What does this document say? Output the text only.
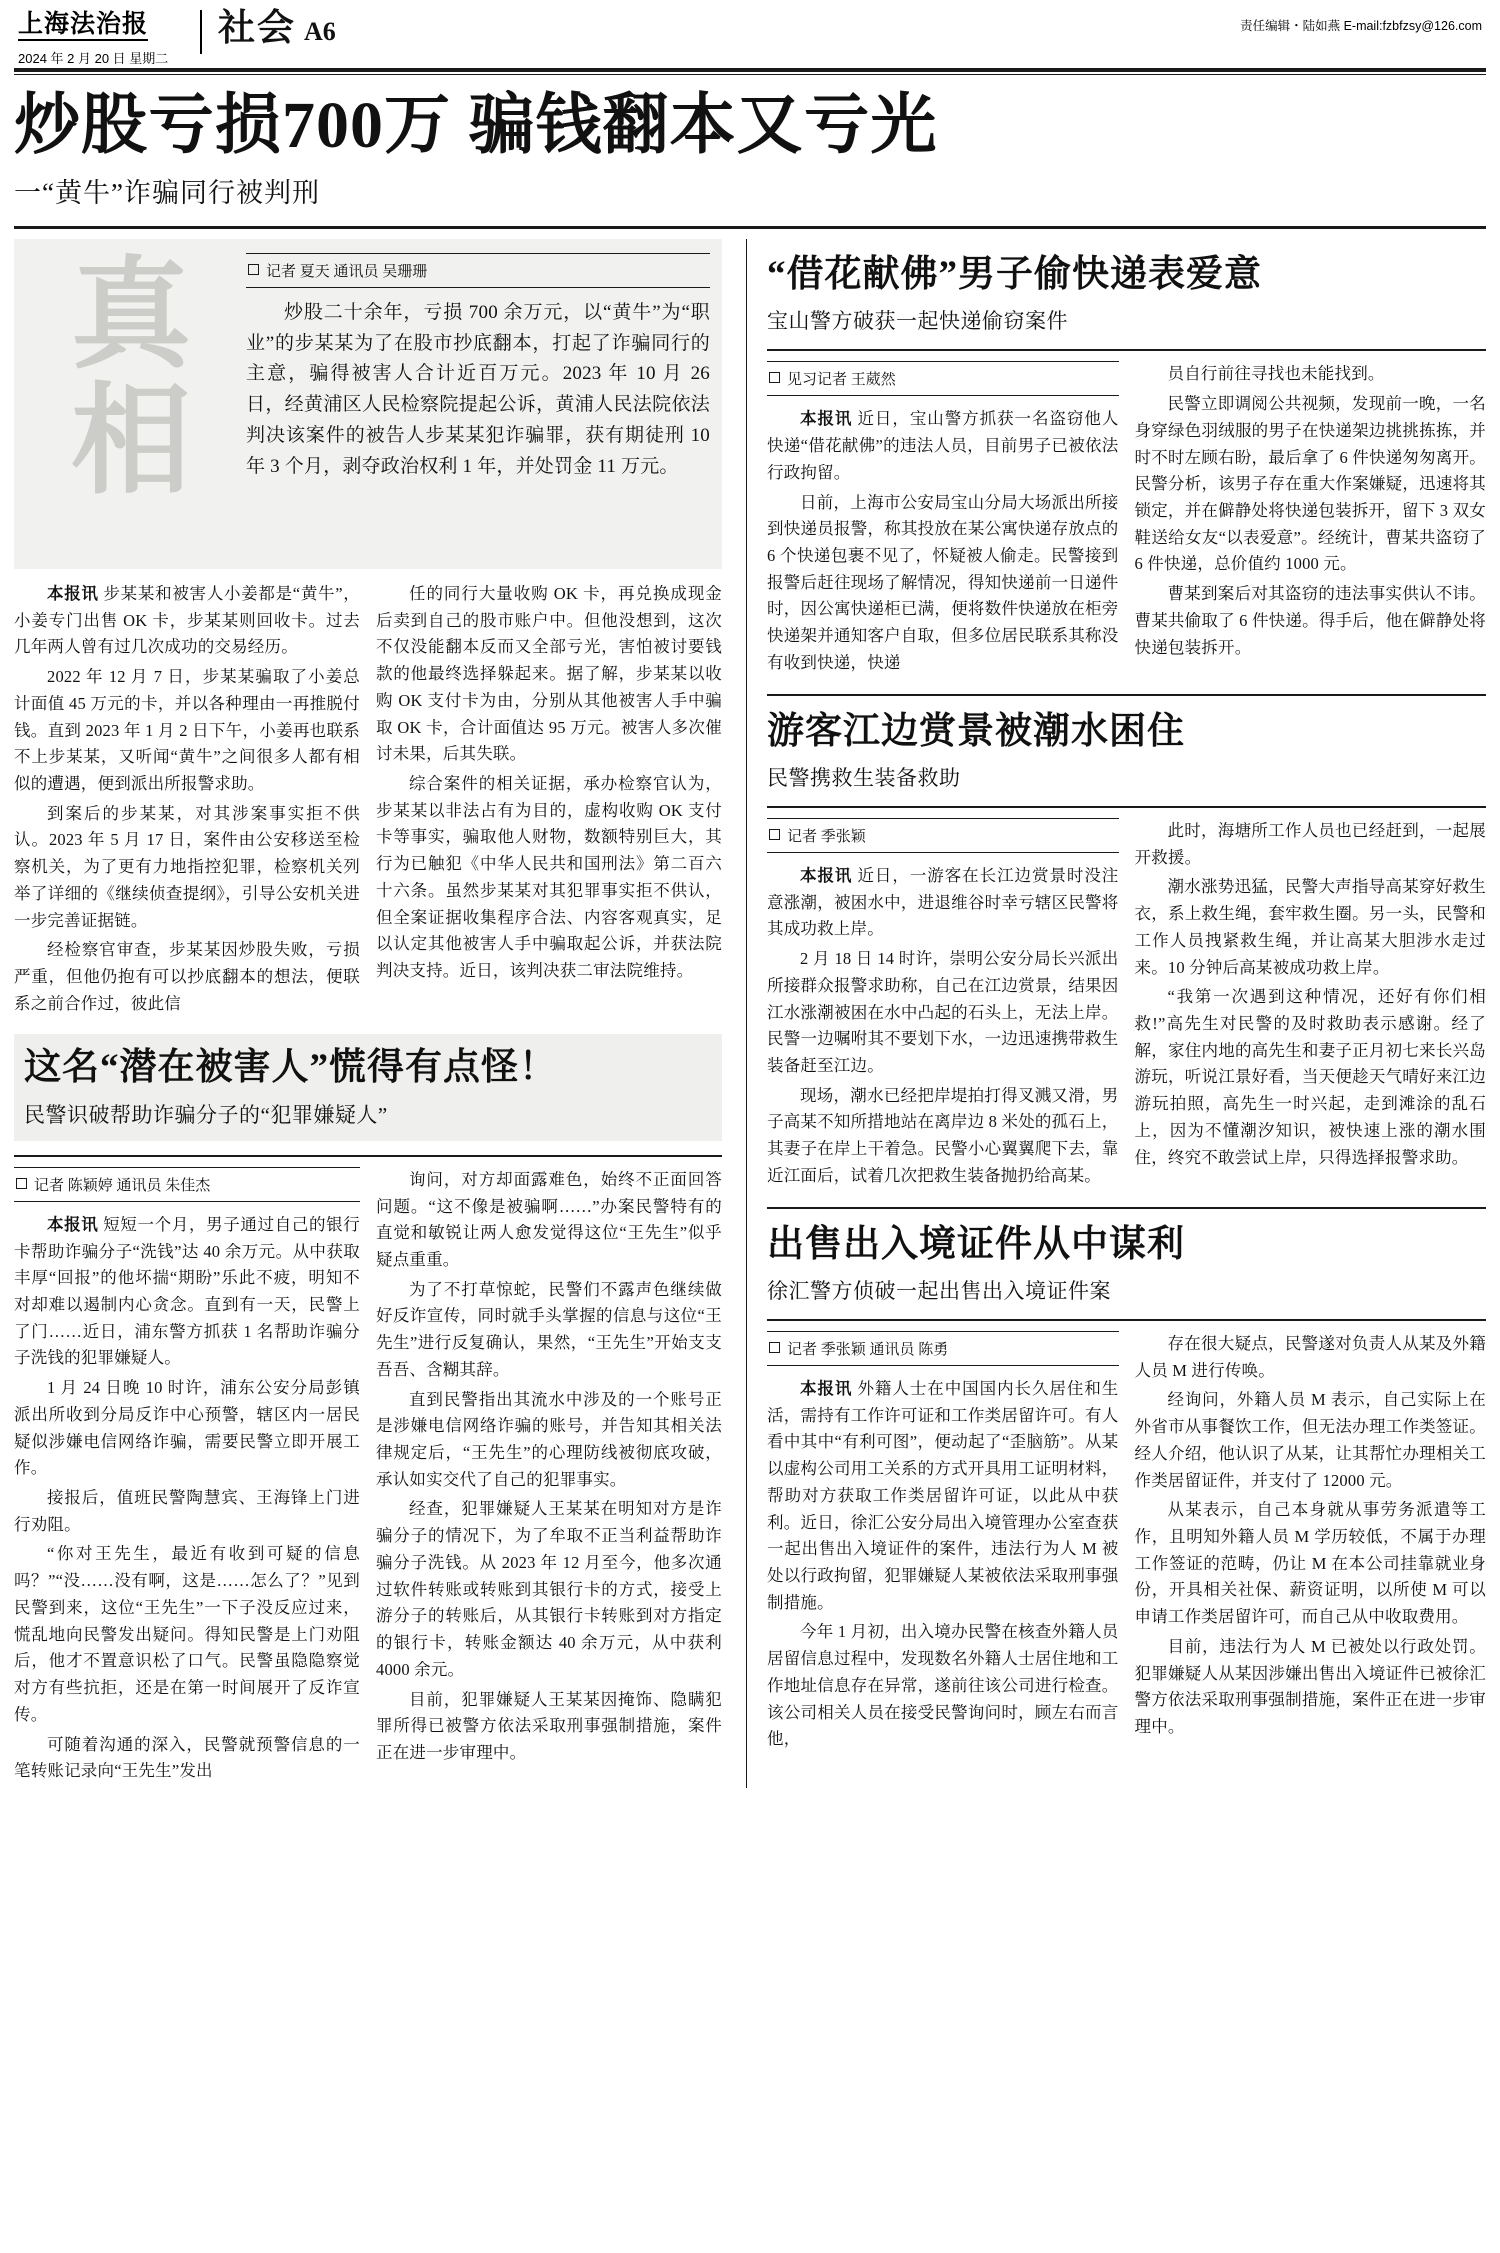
上海法治报
2024 年 2 月 20 日 星期二
社会 A6	责任编辑・陆如燕 E-mail:fzbfzsy@126.com
炒股亏损700万 骗钱翻本又亏光
一“黄牛”诈骗同行被判刑
真相
记者 夏天 通讯员 吴珊珊

炒股二十余年，亏损 700 余万元，以“黄牛”为“职业”的步某某为了在股市抄底翻本，打起了诈骗同行的主意，骗得被害人合计近百万元。2023 年 10 月 26 日，经黄浦区人民检察院提起公诉，黄浦人民法院依法判决该案件的被告人步某某犯诈骗罪，获有期徒刑 10 年 3 个月，剥夺政治权利 1 年，并处罚金 11 万元。

本报讯 步某某和被害人小姜都是“黄牛”，小姜专门出售 OK 卡，步某某则回收卡。过去几年两人曾有过几次成功的交易经历。

2022 年 12 月 7 日，步某某骗取了小姜总计面值 45 万元的卡，并以各种理由一再推脱付钱。直到 2023 年 1 月 2 日下午，小姜再也联系不上步某某，又听闻“黄牛”之间很多人都有相似的遭遇，便到派出所报警求助。

到案后的步某某，对其涉案事实拒不供认。2023 年 5 月 17 日，案件由公安移送至检察机关，为了更有力地指控犯罪，检察机关列举了详细的《继续侦查提纲》，引导公安机关进一步完善证据链。

经检察官审查，步某某因炒股失败，亏损严重，但他仍抱有可以抄底翻本的想法，便联系之前合作过，彼此信

任的同行大量收购 OK 卡，再兑换成现金后卖到自己的股市账户中。但他没想到，这次不仅没能翻本反而又全部亏光，害怕被讨要钱款的他最终选择躲起来。据了解，步某某以收购 OK 支付卡为由，分别从其他被害人手中骗取 OK 卡，合计面值达 95 万元。被害人多次催讨未果，后其失联。

综合案件的相关证据，承办检察官认为，步某某以非法占有为目的，虚构收购 OK 支付卡等事实，骗取他人财物，数额特别巨大，其行为已触犯《中华人民共和国刑法》第二百六十六条。虽然步某某对其犯罪事实拒不供认，但全案证据收集程序合法、内容客观真实，足以认定其他被害人手中骗取起公诉，并获法院判决支持。近日，该判决获二审法院维持。

这名“潜在被害人”慌得有点怪！
民警识破帮助诈骗分子的“犯罪嫌疑人”
记者 陈颖婷 通讯员 朱佳杰

本报讯 短短一个月，男子通过自己的银行卡帮助诈骗分子“洗钱”达 40 余万元。从中获取丰厚“回报”的他坏揣“期盼”乐此不疲，明知不对却难以遏制内心贪念。直到有一天，民警上了门……近日，浦东警方抓获 1 名帮助诈骗分子洗钱的犯罪嫌疑人。

1 月 24 日晚 10 时许，浦东公安分局彭镇派出所收到分局反诈中心预警，辖区内一居民疑似涉嫌电信网络诈骗，需要民警立即开展工作。

接报后，值班民警陶慧宾、王海锋上门进行劝阻。

“你对王先生，最近有收到可疑的信息吗？”“没……没有啊，这是……怎么了？”见到民警到来，这位“王先生”一下子没反应过来，慌乱地向民警发出疑问。得知民警是上门劝阻后，他才不置意识松了口气。民警虽隐隐察觉对方有些抗拒，还是在第一时间展开了反诈宣传。

可随着沟通的深入，民警就预警信息的一笔转账记录向“王先生”发出

询问，对方却面露难色，始终不正面回答问题。“这不像是被骗啊……”办案民警特有的直觉和敏锐让两人愈发觉得这位“王先生”似乎疑点重重。

为了不打草惊蛇，民警们不露声色继续做好反诈宣传，同时就手头掌握的信息与这位“王先生”进行反复确认，果然，“王先生”开始支支吾吾、含糊其辞。

直到民警指出其流水中涉及的一个账号正是涉嫌电信网络诈骗的账号，并告知其相关法律规定后，“王先生”的心理防线被彻底攻破，承认如实交代了自己的犯罪事实。

经查，犯罪嫌疑人王某某在明知对方是诈骗分子的情况下，为了牟取不正当利益帮助诈骗分子洗钱。从 2023 年 12 月至今，他多次通过软件转账或转账到其银行卡的方式，接受上游分子的转账后，从其银行卡转账到对方指定的银行卡，转账金额达 40 余万元，从中获利 4000 余元。

目前，犯罪嫌疑人王某某因掩饰、隐瞒犯罪所得已被警方依法采取刑事强制措施，案件正在进一步审理中。

“借花献佛”男子偷快递表爱意
宝山警方破获一起快递偷窃案件
见习记者 王葳然

本报讯 近日，宝山警方抓获一名盗窃他人快递“借花献佛”的违法人员，目前男子已被依法行政拘留。

日前，上海市公安局宝山分局大场派出所接到快递员报警，称其投放在某公寓快递存放点的 6 个快递包裹不见了，怀疑被人偷走。民警接到报警后赶往现场了解情况，得知快递前一日递件时，因公寓快递柜已满，便将数件快递放在柜旁快递架并通知客户自取，但多位居民联系其称没有收到快递，快递

员自行前往寻找也未能找到。

民警立即调阅公共视频，发现前一晚，一名身穿绿色羽绒服的男子在快递架边挑挑拣拣，并时不时左顾右盼，最后拿了 6 件快递匆匆离开。民警分析，该男子存在重大作案嫌疑，迅速将其锁定，并在僻静处将快递包装拆开，留下 3 双女鞋送给女友“以表爱意”。经统计，曹某共盗窃了 6 件快递，总价值约 1000 元。

曹某到案后对其盗窃的违法事实供认不讳。曹某共偷取了 6 件快递。得手后，他在僻静处将快递包装拆开。

游客江边赏景被潮水困住
民警携救生装备救助
记者 季张颖

本报讯 近日，一游客在长江边赏景时没注意涨潮，被困水中，进退维谷时幸亏辖区民警将其成功救上岸。

2 月 18 日 14 时许，崇明公安分局长兴派出所接群众报警求助称，自己在江边赏景，结果因江水涨潮被困在水中凸起的石头上，无法上岸。民警一边嘱咐其不要划下水，一边迅速携带救生装备赶至江边。

现场，潮水已经把岸堤拍打得叉溅又滑，男子高某不知所措地站在离岸边 8 米处的孤石上，其妻子在岸上干着急。民警小心翼翼爬下去，靠近江面后，试着几次把救生装备抛扔给高某。

此时，海塘所工作人员也已经赶到，一起展开救援。

潮水涨势迅猛，民警大声指导高某穿好救生衣，系上救生绳，套牢救生圈。另一头，民警和工作人员拽紧救生绳，并让高某大胆涉水走过来。10 分钟后高某被成功救上岸。

“我第一次遇到这种情况，还好有你们相救!”高先生对民警的及时救助表示感谢。经了解，家住内地的高先生和妻子正月初七来长兴岛游玩，听说江景好看，当天便趁天气晴好来江边游玩拍照，高先生一时兴起，走到滩涂的乱石上，因为不懂潮汐知识，被快速上涨的潮水围住，终究不敢尝试上岸，只得选择报警求助。

出售出入境证件从中谋利
徐汇警方侦破一起出售出入境证件案
记者 季张颖 通讯员 陈勇

本报讯 外籍人士在中国国内长久居住和生活，需持有工作许可证和工作类居留许可。有人看中其中“有利可图”，便动起了“歪脑筋”。从某以虚构公司用工关系的方式开具用工证明材料，帮助对方获取工作类居留许可证，以此从中获利。近日，徐汇公安分局出入境管理办公室查获一起出售出入境证件的案件，违法行为人 M 被处以行政拘留，犯罪嫌疑人某被依法采取刑事强制措施。

今年 1 月初，出入境办民警在核查外籍人员居留信息过程中，发现数名外籍人士居住地和工作地址信息存在异常，遂前往该公司进行检查。该公司相关人员在接受民警询问时，顾左右而言他，

存在很大疑点，民警遂对负责人从某及外籍人员 M 进行传唤。

经询问，外籍人员 M 表示，自己实际上在外省市从事餐饮工作，但无法办理工作类签证。经人介绍，他认识了从某，让其帮忙办理相关工作类居留证件，并支付了 12000 元。

从某表示，自己本身就从事劳务派遣等工作，且明知外籍人员 M 学历较低，不属于办理工作签证的范畴，仍让 M 在本公司挂靠就业身份，开具相关社保、薪资证明，以所使 M 可以申请工作类居留许可，而自己从中收取费用。

目前，违法行为人 M 已被处以行政处罚。犯罪嫌疑人从某因涉嫌出售出入境证件已被徐汇警方依法采取刑事强制措施，案件正在进一步审理中。
